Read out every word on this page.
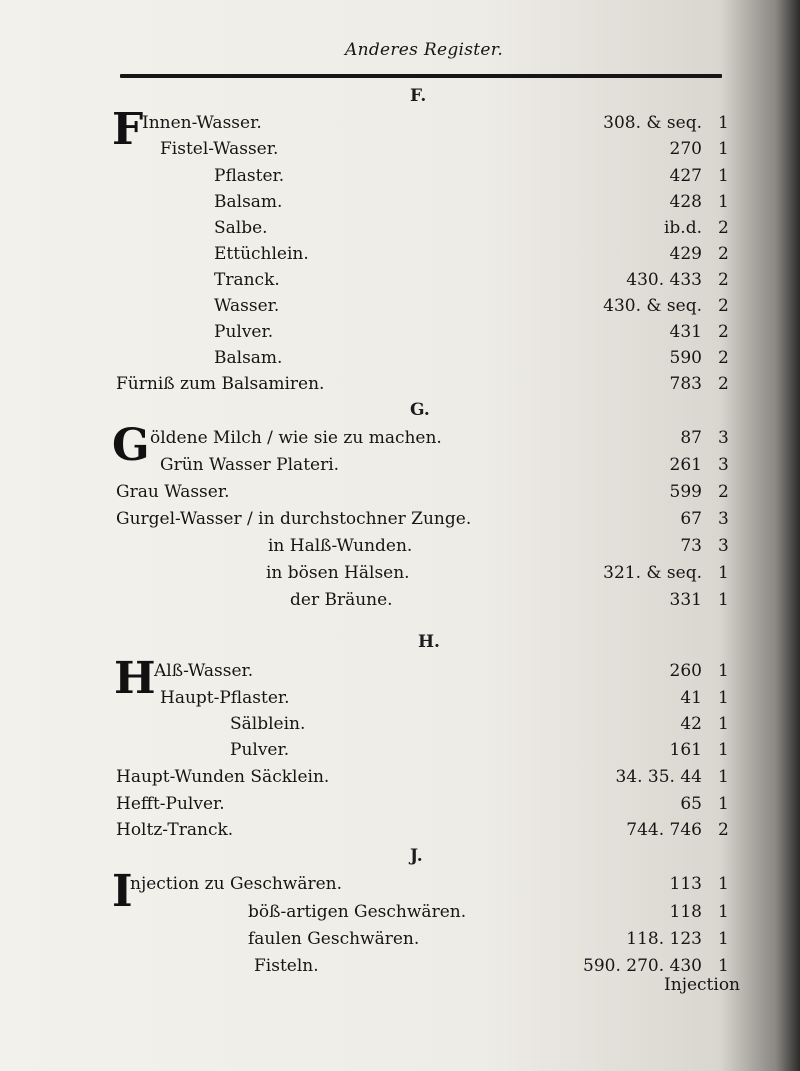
Anderes Register.
F.
F
Innen-Wasser.	308. & seq. 1
Fistel-Wasser.	270 1
Pflaster.	427 1
Balsam.	428 1
Salbe.	ib.d. 2
Ettüchlein.	429 2
Tranck.	430. 433 2
Wasser.	430. & seq. 2
Pulver.	431 2
Balsam.	590 2
Fürniß zum Balsamiren.	783 2
G.
G öldene Milch / wie sie zu machen.	87 3
Grün Wasser Plateri.	261 3
Grau Wasser.	599 2
Gurgel-Wasser / in durchstochner Zunge.	67 3
in Halß-Wunden.	73 3
in bösen Hälsen.	321. & seq. 1
der Bräune.	331 1
H.
H
Alß-Wasser.	260 1
Haupt-Pflaster.	41 1
Sälblein.	42 1
Pulver.	161 1
Haupt-Wunden Säcklein.	34. 35. 44 1
Hefft-Pulver.	65 1
Holtz-Tranck.	744. 746 2
J.
I
njection zu Geschwären.	113 1
böß-artigen Geschwären.	118 1
faulen Geschwären.	118. 123 1
Fisteln.	590. 270. 430 1
Injection
